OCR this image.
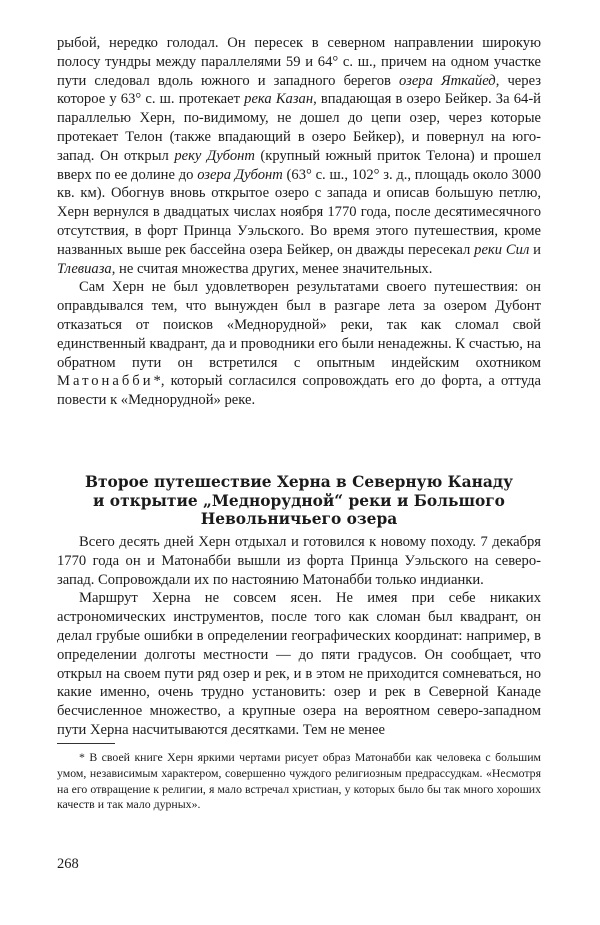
рыбой, нередко голодал. Он пересек в северном направлении широкую полосу тундры между параллелями 59 и 64° с. ш., причем на одном участке пути следовал вдоль южного и западного берегов озера Яткайед, через которое у 63° с. ш. протекает река Казан, впадающая в озеро Бейкер. За 64-й параллелью Херн, по-видимому, не дошел до цепи озер, через которые протекает Телон (также впадающий в озеро Бейкер), и повернул на юго-запад. Он открыл реку Дубонт (крупный южный приток Телона) и прошел вверх по ее долине до озера Дубонт (63° с. ш., 102° з. д., площадь около 3000 кв. км). Обогнув вновь открытое озеро с запада и описав большую петлю, Херн вернулся в двадцатых числах ноября 1770 года, после десятимесячного отсутствия, в форт Принца Уэльского. Во время этого путешествия, кроме названных выше рек бассейна озера Бейкер, он дважды пересекал реки Сил и Тлевиаза, не считая множества других, менее значительных.

Сам Херн не был удовлетворен результатами своего путешествия: он оправдывался тем, что вынужден был в разгаре лета за озером Дубонт отказаться от поисков «Меднорудной» реки, так как сломал свой единственный квадрант, да и проводники его были ненадежны. К счастью, на обратном пути он встретился с опытным индейским охотником Матонабби*, который согласился сопровождать его до форта, а оттуда повести к «Меднорудной» реке.

Второе путешествие Херна в Северную Канаду
и открытие „Меднорудной“ реки и Большого
Невольничьего озера

Всего десять дней Херн отдыхал и готовился к новому походу. 7 декабря 1770 года он и Матонабби вышли из форта Принца Уэльского на северо-запад. Сопровождали их по настоянию Матонабби только индианки.

Маршрут Херна не совсем ясен. Не имея при себе никаких астрономических инструментов, после того как сломан был квадрант, он делал грубые ошибки в определении географических координат: например, в определении долготы местности — до пяти градусов. Он сообщает, что открыл на своем пути ряд озер и рек, и в этом не приходится сомневаться, но какие именно, очень трудно установить: озер и рек в Северной Канаде бесчисленное множество, а крупные озера на вероятном северо-западном пути Херна насчитываются десятками. Тем не менее

* В своей книге Херн яркими чертами рисует образ Матонабби как человека с большим умом, независимым характером, совершенно чуждого религиозным предрассудкам. «Несмотря на его отвращение к религии, я мало встречал христиан, у которых было бы так много хороших качеств и так мало дурных».

268
